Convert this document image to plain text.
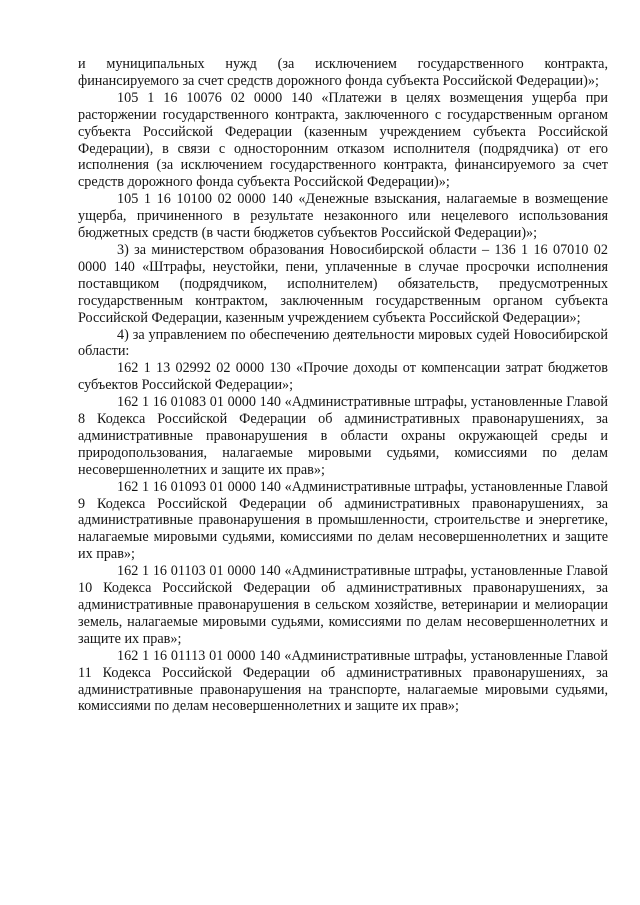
и муниципальных нужд (за исключением государственного контракта, финансируемого за счет средств дорожного фонда субъекта Российской Федерации)»;

105 1 16 10076 02 0000 140 «Платежи в целях возмещения ущерба при расторжении государственного контракта, заключенного с государственным органом субъекта Российской Федерации (казенным учреждением субъекта Российской Федерации), в связи с односторонним отказом исполнителя (подрядчика) от его исполнения (за исключением государственного контракта, финансируемого за счет средств дорожного фонда субъекта Российской Федерации)»;

105 1 16 10100 02 0000 140 «Денежные взыскания, налагаемые в возмещение ущерба, причиненного в результате незаконного или нецелевого использования бюджетных средств (в части бюджетов субъектов Российской Федерации)»;

3) за министерством образования Новосибирской области – 136 1 16 07010 02 0000 140 «Штрафы, неустойки, пени, уплаченные в случае просрочки исполнения поставщиком (подрядчиком, исполнителем) обязательств, предусмотренных государственным контрактом, заключенным государственным органом субъекта Российской Федерации, казенным учреждением субъекта Российской Федерации»;

4) за управлением по обеспечению деятельности мировых судей Новосибирской области:

162 1 13 02992 02 0000 130 «Прочие доходы от компенсации затрат бюджетов субъектов Российской Федерации»;

162 1 16 01083 01 0000 140 «Административные штрафы, установленные Главой 8 Кодекса Российской Федерации об административных правонарушениях, за административные правонарушения в области охраны окружающей среды и природопользования, налагаемые мировыми судьями, комиссиями по делам несовершеннолетних и защите их прав»;

162 1 16 01093 01 0000 140 «Административные штрафы, установленные Главой 9 Кодекса Российской Федерации об административных правонарушениях, за административные правонарушения в промышленности, строительстве и энергетике, налагаемые мировыми судьями, комиссиями по делам несовершеннолетних и защите их прав»;

162 1 16 01103 01 0000 140 «Административные штрафы, установленные Главой 10 Кодекса Российской Федерации об административных правонарушениях, за административные правонарушения в сельском хозяйстве, ветеринарии и мелиорации земель, налагаемые мировыми судьями, комиссиями по делам несовершеннолетних и защите их прав»;

162 1 16 01113 01 0000 140 «Административные штрафы, установленные Главой 11 Кодекса Российской Федерации об административных правонарушениях, за административные правонарушения на транспорте, налагаемые мировыми судьями, комиссиями по делам несовершеннолетних и защите их прав»;
